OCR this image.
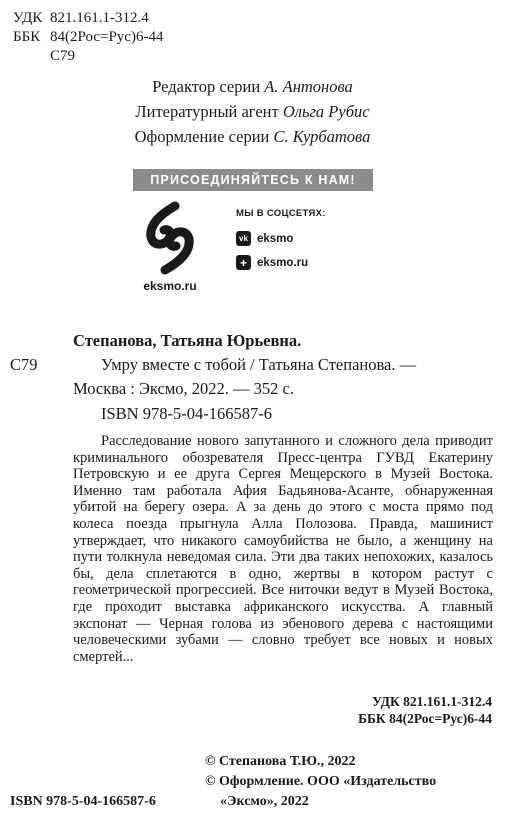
УДК 821.161.1-312.4
ББК 84(2Рос=Рус)6-44
С79
Редактор серии А. Антонова
Литературный агент Ольга Рубис
Оформление серии С. Курбатова
ПРИСОЕДИНЯЙТЕСЬ К НАМ!
eksmo.ru
МЫ В СОЦСЕТЯХ:
vk eksmo
+ eksmo.ru
Степанова, Татьяна Юрьевна.
С79	Умру вместе с тобой / Татьяна Степанова. —
Москва : Эксмо, 2022. — 352 с.
ISBN 978-5-04-166587-6

Расследование нового запутанного и сложного дела приводит криминального обозревателя Пресс-центра ГУВД Екатерину Петровскую и ее друга Сергея Мещерского в Музей Востока. Именно там работала Афия Бадьянова-Асанте, обнаруженная убитой на берегу озера. А за день до этого с моста прямо под колеса поезда прыгнула Алла Полозова. Правда, машинист утверждает, что никакого самоубийства не было, а женщину на пути толкнула неведомая сила. Эти два таких непохожих, казалось бы, дела сплетаются в одно, жертвы в котором растут с геометрической прогрессией. Все ниточки ведут в Музей Востока, где проходит выставка африканского искусства. А главный экспонат — Черная голова из эбенового дерева с настоящими человеческими зубами — словно требует все новых и новых смертей...

УДК 821.161.1-312.4
ББК 84(2Рос=Рус)6-44
© Степанова Т.Ю., 2022
© Оформление. ООО «Издательство
«Эксмо», 2022
ISBN 978-5-04-166587-6
